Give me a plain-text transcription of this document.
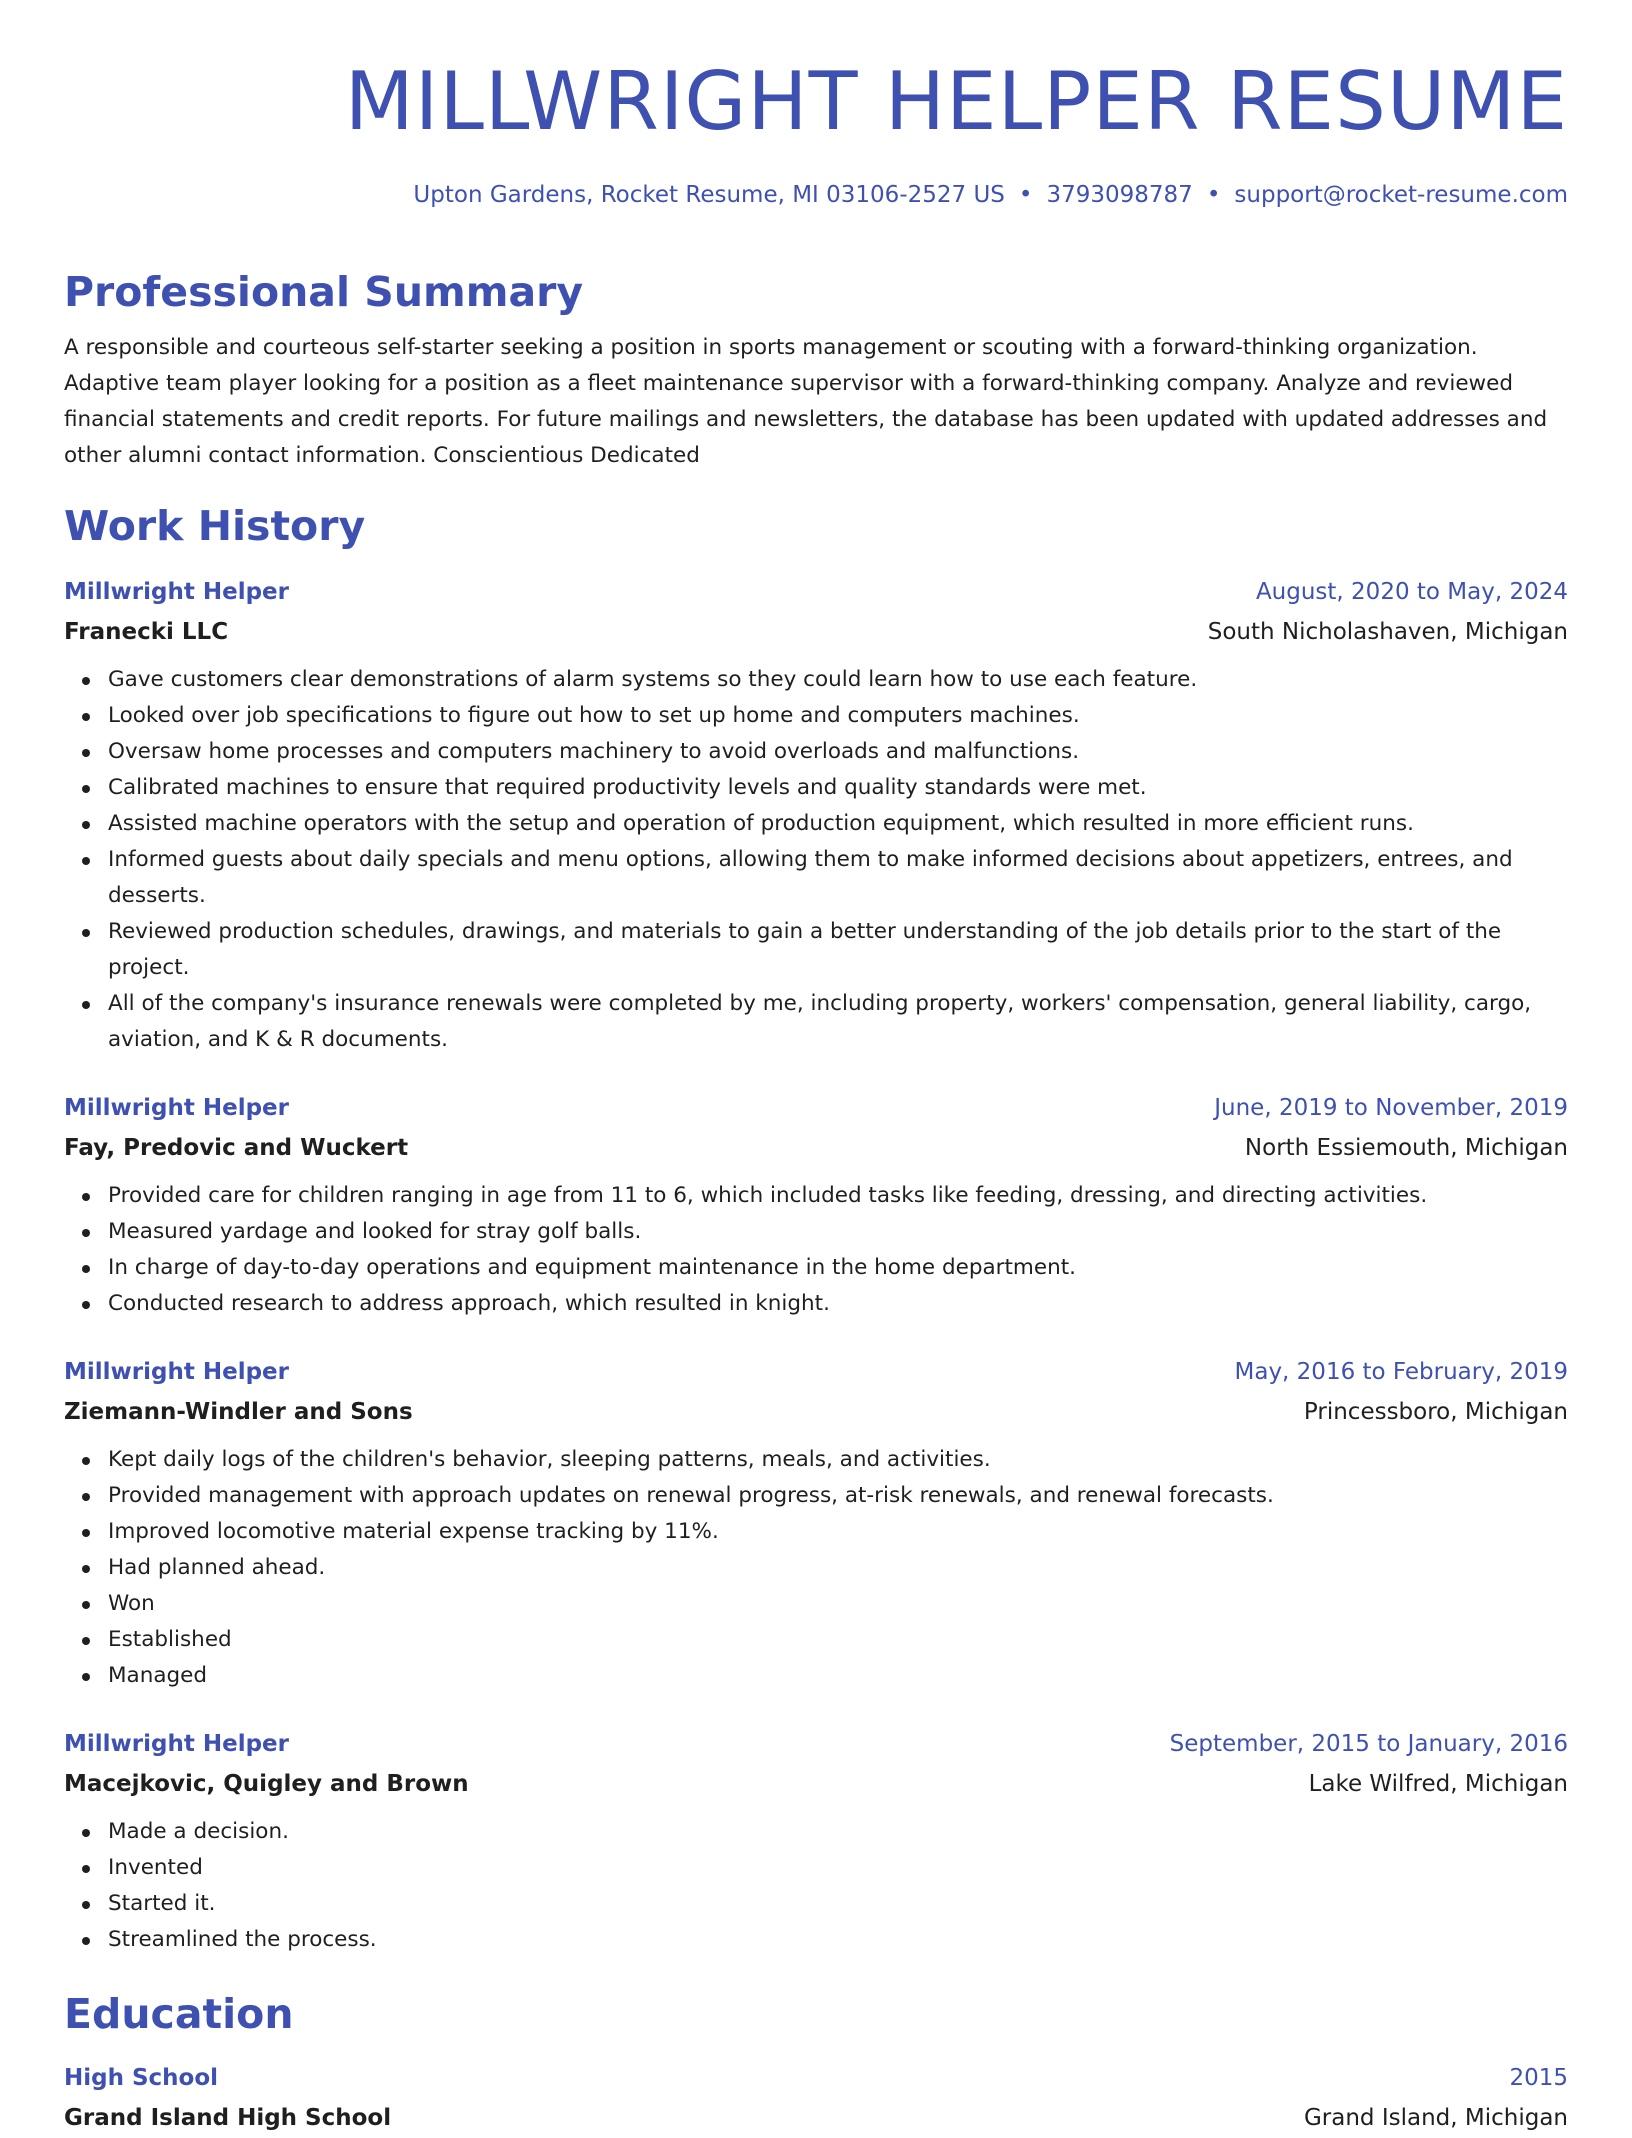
MILLWRIGHT HELPER RESUME
Upton Gardens, Rocket Resume, MI 03106-2527 US • 3793098787 • support@rocket-resume.com
Professional Summary

A responsible and courteous self-starter seeking a position in sports management or scouting with a forward-thinking organization. Adaptive team player looking for a position as a fleet maintenance supervisor with a forward-thinking company. Analyze and reviewed financial statements and credit reports. For future mailings and newsletters, the database has been updated with updated addresses and other alumni contact information. Conscientious Dedicated

Work History
Millwright Helper	August, 2020 to May, 2024
Franecki LLC	South Nicholashaven, Michigan
Gave customers clear demonstrations of alarm systems so they could learn how to use each feature.
Looked over job specifications to figure out how to set up home and computers machines.
Oversaw home processes and computers machinery to avoid overloads and malfunctions.
Calibrated machines to ensure that required productivity levels and quality standards were met.
Assisted machine operators with the setup and operation of production equipment, which resulted in more efficient runs.
Informed guests about daily specials and menu options, allowing them to make informed decisions about appetizers, entrees, and desserts.
Reviewed production schedules, drawings, and materials to gain a better understanding of the job details prior to the start of the project.
All of the company's insurance renewals were completed by me, including property, workers' compensation, general liability, cargo, aviation, and K & R documents.
Millwright Helper	June, 2019 to November, 2019
Fay, Predovic and Wuckert	North Essiemouth, Michigan
Provided care for children ranging in age from 11 to 6, which included tasks like feeding, dressing, and directing activities.
Measured yardage and looked for stray golf balls.
In charge of day-to-day operations and equipment maintenance in the home department.
Conducted research to address approach, which resulted in knight.
Millwright Helper	May, 2016 to February, 2019
Ziemann-Windler and Sons	Princessboro, Michigan
Kept daily logs of the children's behavior, sleeping patterns, meals, and activities.
Provided management with approach updates on renewal progress, at-risk renewals, and renewal forecasts.
Improved locomotive material expense tracking by 11%.
Had planned ahead.
Won
Established
Managed
Millwright Helper	September, 2015 to January, 2016
Macejkovic, Quigley and Brown	Lake Wilfred, Michigan
Made a decision.
Invented
Started it.
Streamlined the process.
Education
High School	2015
Grand Island High School	Grand Island, Michigan
